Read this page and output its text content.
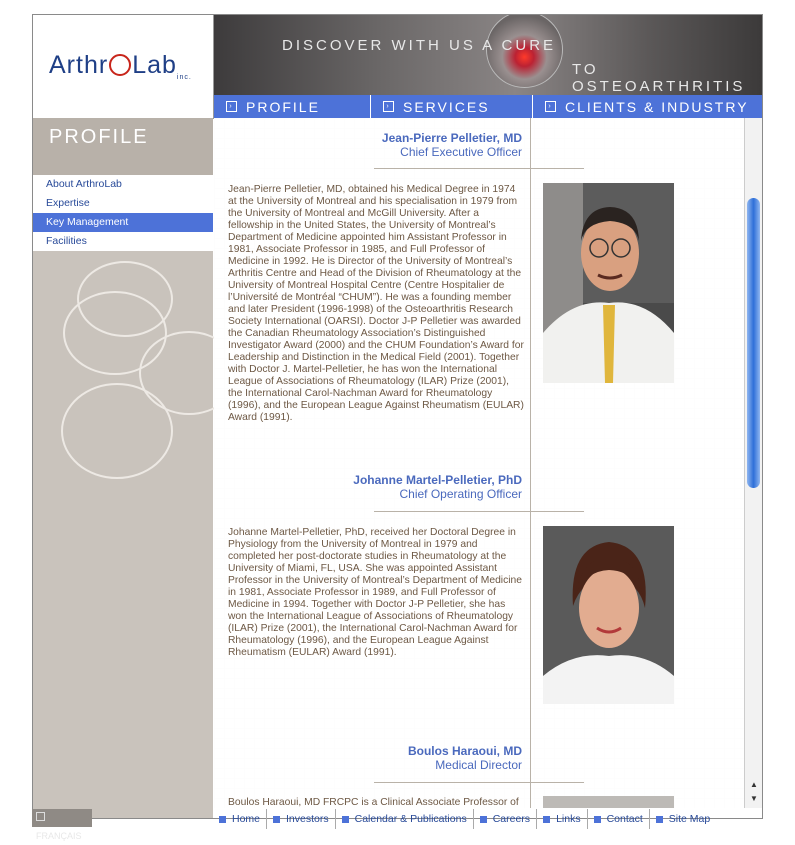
Arthr Lab$_{inc.}$
DISCOVER WITH US A CURE
TO OSTEOARTHRITIS
› PROFILE	› SERVICES	› CLIENTS & INDUSTRY
PROFILE
About ArthroLab
Expertise
Key Management
Facilities
Jean-Pierre Pelletier, MD
Chief Executive Officer
Jean-Pierre Pelletier, MD, obtained his Medical Degree in 1974 at the University of Montreal and his specialisation in 1979 from the University of Montreal and McGill University. After a fellowship in the United States, the University of Montreal’s Department of Medicine appointed him Assistant Professor in 1981, Associate Professor in 1985, and Full Professor of Medicine in 1992. He is Director of the University of Montreal’s Arthritis Centre and Head of the Division of Rheumatology at the University of Montreal Hospital Centre (Centre Hospitalier de l’Université de Montréal “CHUM”). He was a founding member and later President (1996-1998) of the Osteoarthritis Research Society International (OARSI). Doctor J-P Pelletier was awarded the Canadian Rheumatology Association’s Distinguished Investigator Award (2000) and the CHUM Foundation’s Award for Leadership and Distinction in the Medical Field (2001). Together with Doctor J. Martel-Pelletier, he has won the International League of Associations of Rheumatology (ILAR) Prize (2001), the International Carol-Nachman Award for Rheumatology (1996), and the European League Against Rheumatism (EULAR) Award (1991).
Johanne Martel-Pelletier, PhD
Chief Operating Officer
Johanne Martel-Pelletier, PhD, received her Doctoral Degree in Physiology from the University of Montreal in 1979 and completed her post-doctorate studies in Rheumatology at the University of Miami, FL, USA. She was appointed Assistant Professor in the University of Montreal’s Department of Medicine in 1981, Associate Professor in 1989, and Full Professor of Medicine in 1994. Together with Doctor J-P Pelletier, she has won the International League of Associations of Rheumatology (ILAR) Prize (2001), the International Carol-Nachman Award for Rheumatology (1996), and the European League Against Rheumatism (EULAR) Award (1991).
Boulos Haraoui, MD
Medical Director
Boulos Haraoui, MD FRCPC is a Clinical Associate Professor of
▲
▼
FRANÇAIS
Home Investors Calendar & Publications Careers Links Contact Site Map
